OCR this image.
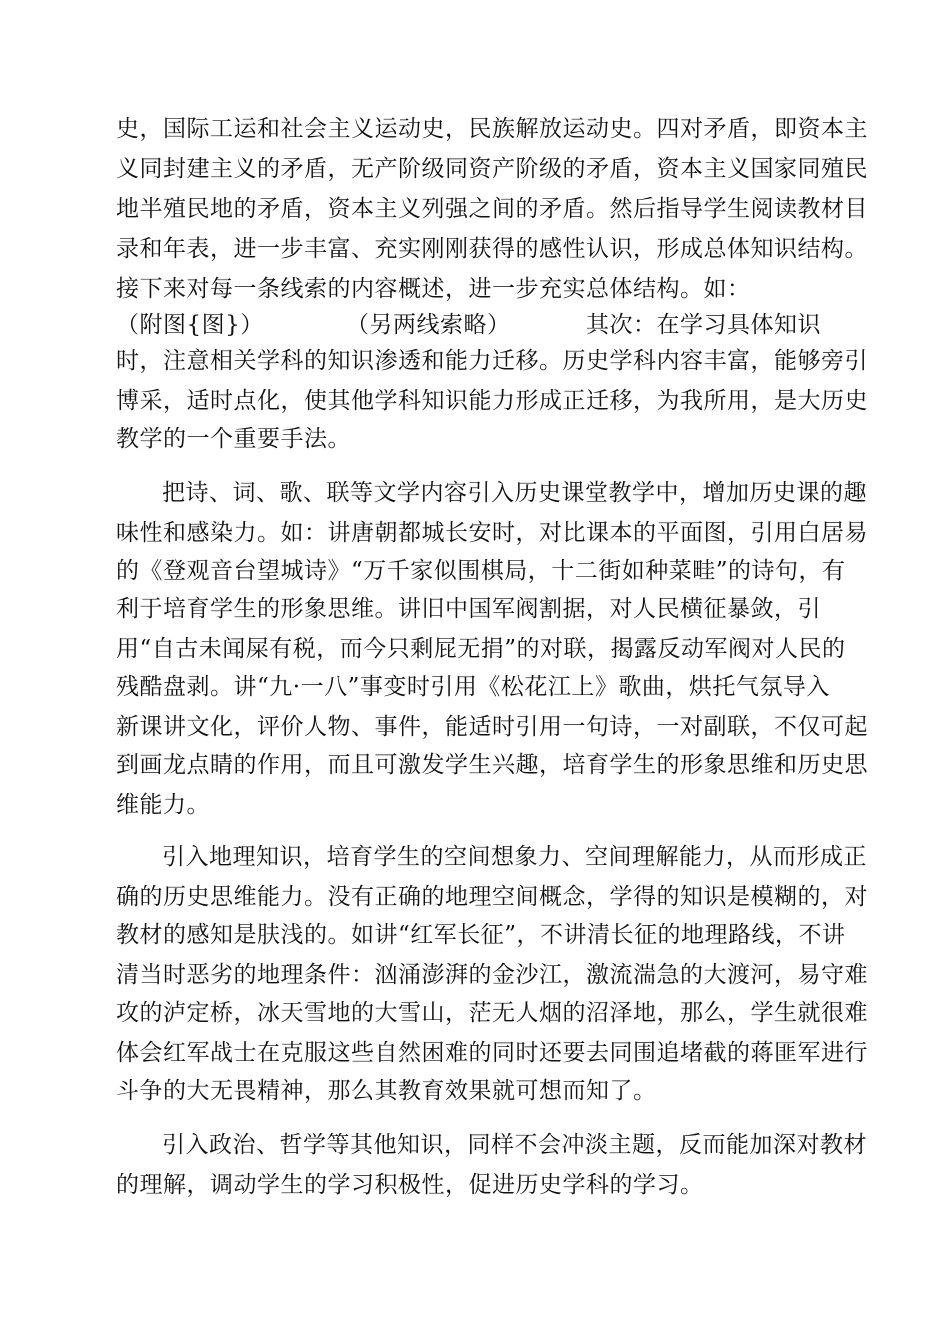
史，国际工运和社会主义运动史，民族解放运动史。四对矛盾，即资本主
义同封建主义的矛盾，无产阶级同资产阶级的矛盾，资本主义国家同殖民
地半殖民地的矛盾，资本主义列强之间的矛盾。然后指导学生阅读教材目
录和年表，进一步丰富、充实刚刚获得的感性认识，形成总体知识结构。
接下来对每一条线索的内容概述，进一步充实总体结构。如：
（附图{图}）	（另两线索略）	其次：在学习具体知识
时，注意相关学科的知识渗透和能力迁移。历史学科内容丰富，能够旁引
博采，适时点化，使其他学科知识能力形成正迁移，为我所用，是大历史
教学的一个重要手法。
把诗、词、歌、联等文学内容引入历史课堂教学中，增加历史课的趣
味性和感染力。如：讲唐朝都城长安时，对比课本的平面图，引用白居易
的《登观音台望城诗》“万千家似围棋局，十二街如种菜畦”的诗句，有
利于培育学生的形象思维。讲旧中国军阀割据，对人民横征暴敛，引
用“自古未闻屎有税，而今只剩屁无捐”的对联，揭露反动军阀对人民的
残酷盘剥。讲“九·一八”事变时引用《松花江上》歌曲，烘托气氛导入
新课讲文化，评价人物、事件，能适时引用一句诗，一对副联，不仅可起
到画龙点睛的作用，而且可激发学生兴趣，培育学生的形象思维和历史思
维能力。
引入地理知识，培育学生的空间想象力、空间理解能力，从而形成正
确的历史思维能力。没有正确的地理空间概念，学得的知识是模糊的，对
教材的感知是肤浅的。如讲“红军长征”，不讲清长征的地理路线，不讲
清当时恶劣的地理条件：汹涌澎湃的金沙江，激流湍急的大渡河，易守难
攻的泸定桥，冰天雪地的大雪山，茫无人烟的沼泽地，那么，学生就很难
体会红军战士在克服这些自然困难的同时还要去同围追堵截的蒋匪军进行
斗争的大无畏精神，那么其教育效果就可想而知了。
引入政治、哲学等其他知识，同样不会冲淡主题，反而能加深对教材
的理解，调动学生的学习积极性，促进历史学科的学习。
